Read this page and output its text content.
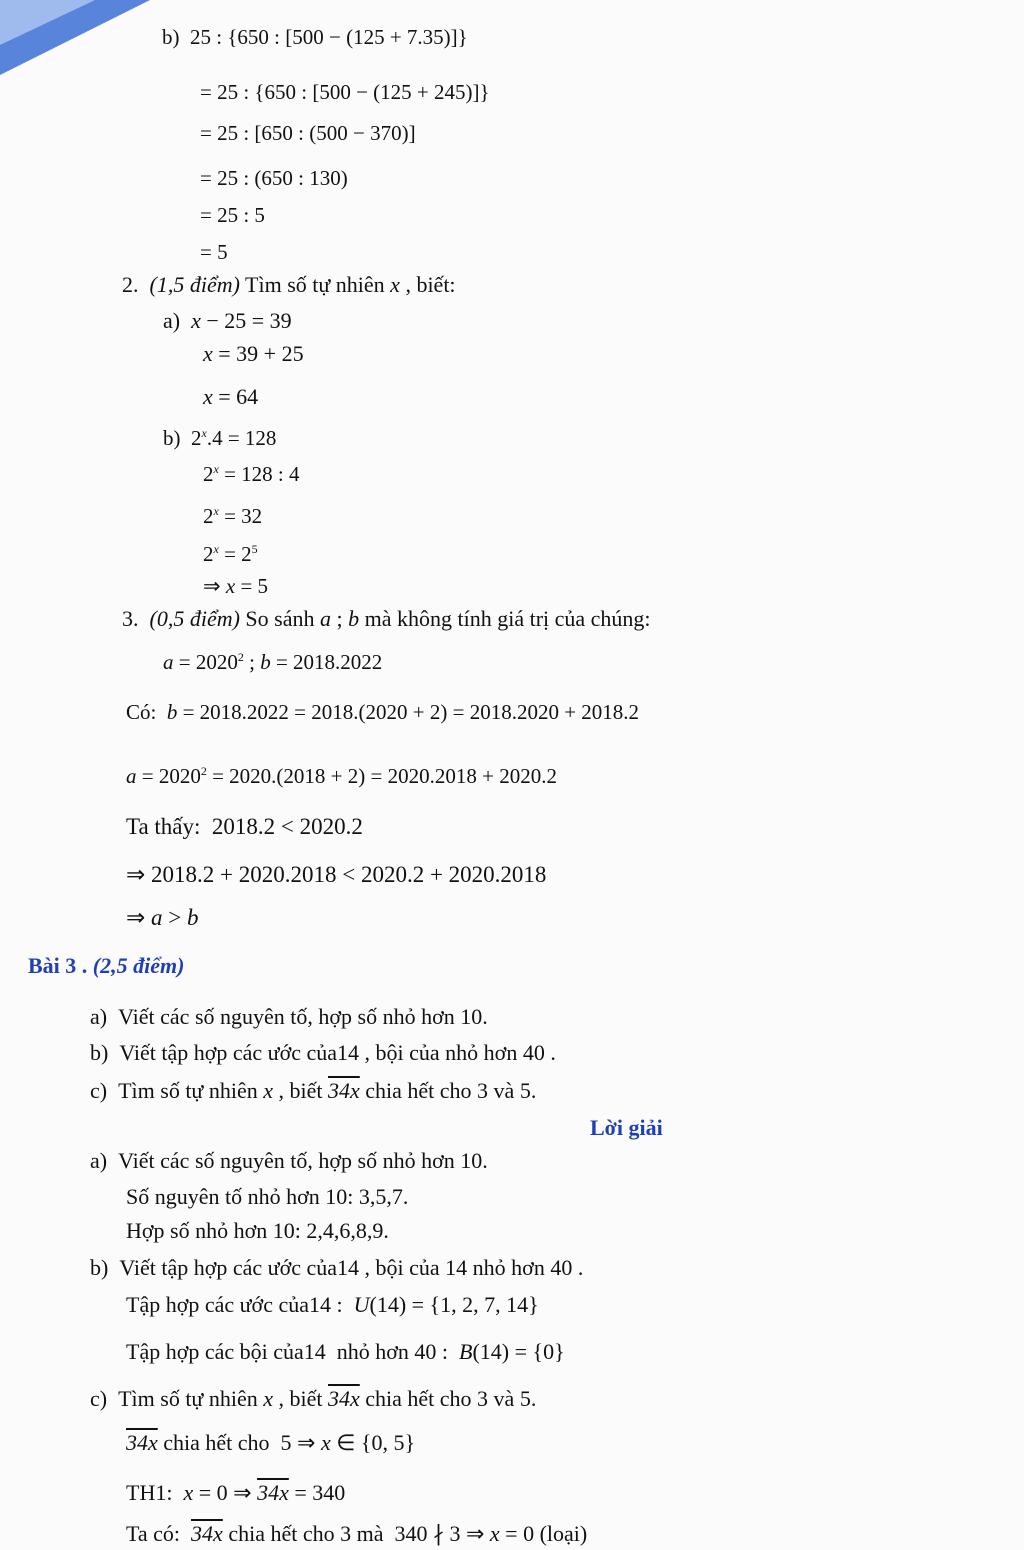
b)  25 : {650 : [500 − (125 + 7.35)]}
= 25 : {650 : [500 − (125 + 245)]}
= 25 : [650 : (500 − 370)]
= 25 : (650 : 130)
= 25 : 5
= 5
2.  (1,5 điểm) Tìm số tự nhiên x , biết:
a)  x − 25 = 39
x = 39 + 25
x = 64
b)  $2^x.4 = 128$
$2^x = 128$ : 4
$2^x = 32$
$2^x = 2^5$
⇒ x = 5
3.  (0,5 điểm) So sánh a ; b mà không tính giá trị của chúng:
$a = 2020^2$ ; b = 2018.2022
Có:  b = 2018.2022 = 2018.(2020 + 2) = 2018.2020 + 2018.2
$a = 2020^2 = 2020.(2018 + 2) = 2020.2018 + 2020.2$
Ta thấy:  2018.2 < 2020.2
⇒ 2018.2 + 2020.2018 < 2020.2 + 2020.2018
⇒ a > b
Bài 3 . (2,5 điểm)
a)  Viết các số nguyên tố, hợp số nhỏ hơn 10.
b)  Viết tập hợp các ước của14 , bội của nhỏ hơn 40 .
c)  Tìm số tự nhiên x , biết 34x chia hết cho 3 và 5.
Lời giải
a)  Viết các số nguyên tố, hợp số nhỏ hơn 10.
Số nguyên tố nhỏ hơn 10: 3,5,7.
Hợp số nhỏ hơn 10: 2,4,6,8,9.
b)  Viết tập hợp các ước của14 , bội của 14 nhỏ hơn 40 .
Tập hợp các ước của14 :  U(14) = {1, 2, 7, 14}
Tập hợp các bội của14  nhỏ hơn 40 :  B(14) = {0}
c)  Tìm số tự nhiên x , biết 34x chia hết cho 3 và 5.
34x chia hết cho  5 ⇒ x ∈ {0, 5}
TH1:  x = 0 ⇒ 34x = 340
Ta có:  34x chia hết cho 3 mà  340 ∤ 3 ⇒ x = 0 (loại)
